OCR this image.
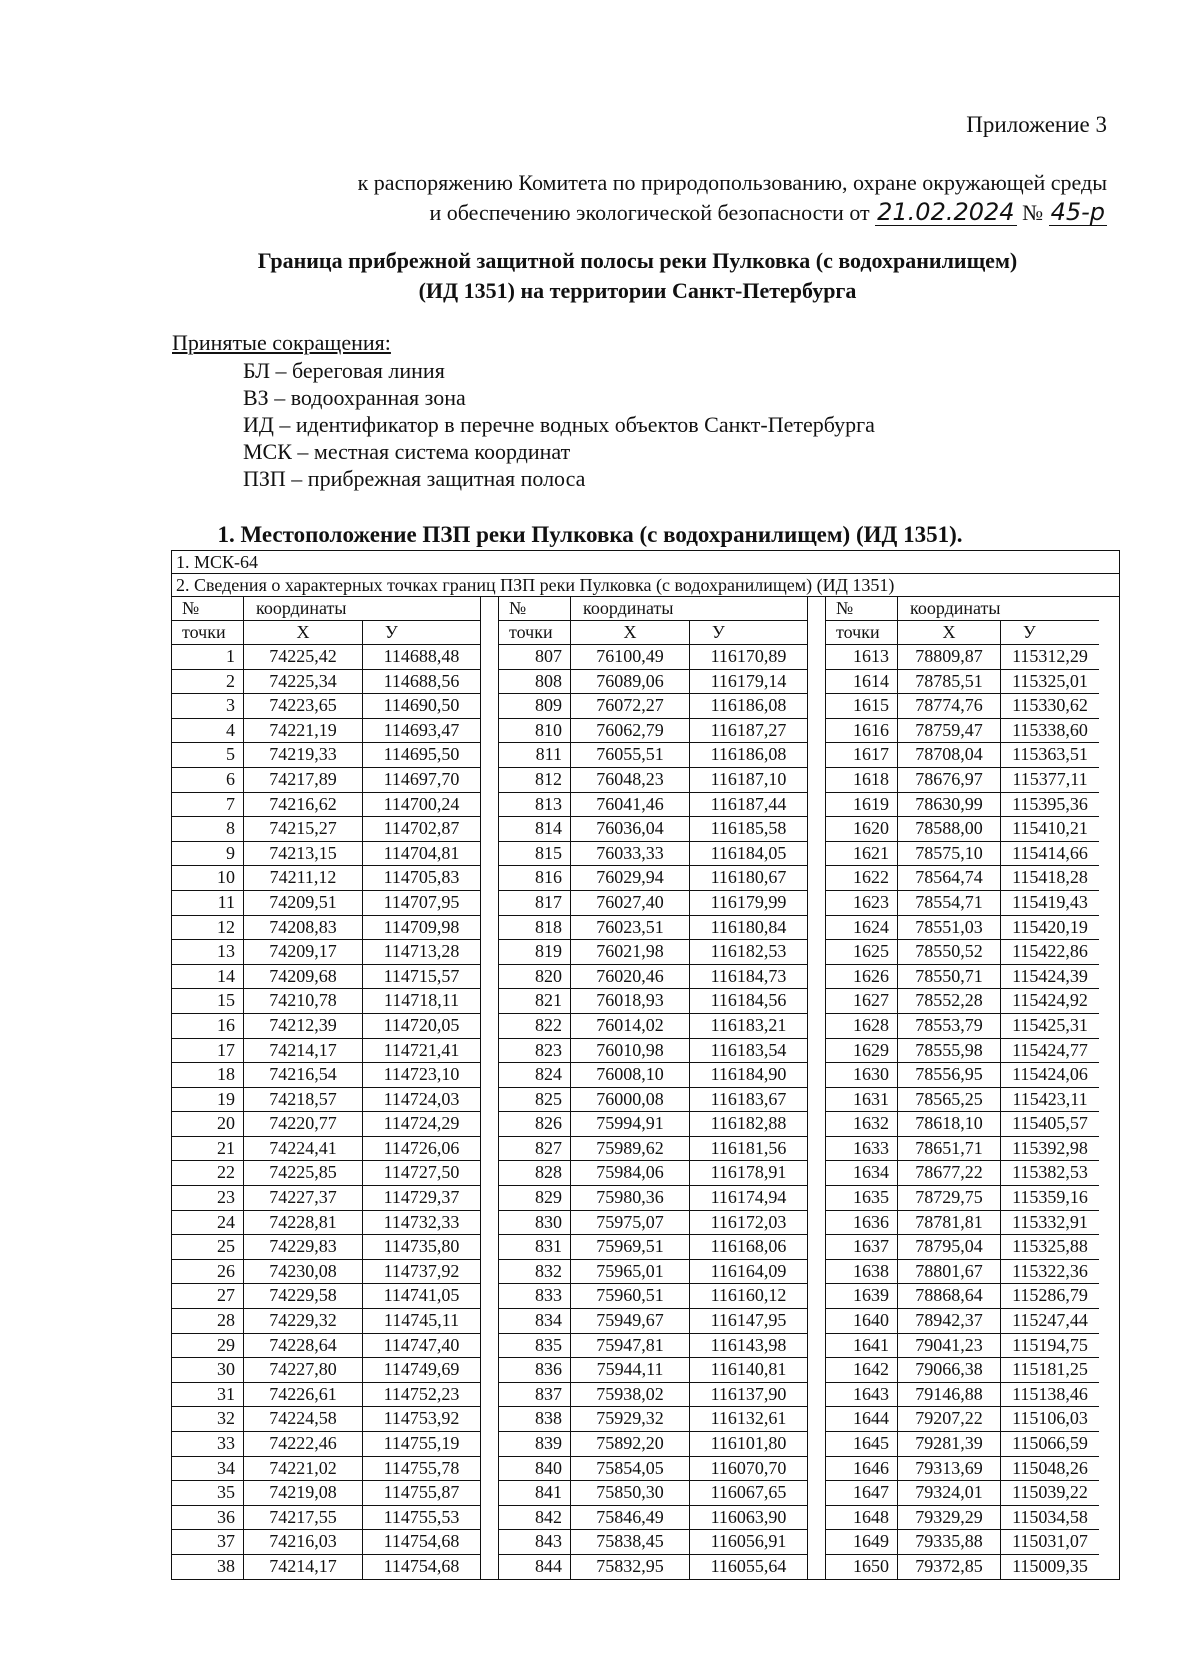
Приложение 3
к распоряжению Комитета по природопользованию, охране окружающей среды
и обеспечению экологической безопасности от 21.02.2024 № 45-р
Граница прибрежной защитной полосы реки Пулковка (с водохранилищем)
(ИД 1351) на территории Санкт-Петербурга
Принятые сокращения:
БЛ – береговая линия
ВЗ – водоохранная зона
ИД – идентификатор в перечне водных объектов Санкт-Петербурга
МСК – местная система координат
ПЗП – прибрежная защитная полоса
1. Местоположение ПЗП реки Пулковка (с водохранилищем) (ИД 1351).
1. МСК-64
2. Сведения о характерных точках границ ПЗП реки Пулковка (с водохранилищем) (ИД 1351)
№	координаты
точки	X	У
1	74225,42	114688,48
2	74225,34	114688,56
3	74223,65	114690,50
4	74221,19	114693,47
5	74219,33	114695,50
6	74217,89	114697,70
7	74216,62	114700,24
8	74215,27	114702,87
9	74213,15	114704,81
10	74211,12	114705,83
11	74209,51	114707,95
12	74208,83	114709,98
13	74209,17	114713,28
14	74209,68	114715,57
15	74210,78	114718,11
16	74212,39	114720,05
17	74214,17	114721,41
18	74216,54	114723,10
19	74218,57	114724,03
20	74220,77	114724,29
21	74224,41	114726,06
22	74225,85	114727,50
23	74227,37	114729,37
24	74228,81	114732,33
25	74229,83	114735,80
26	74230,08	114737,92
27	74229,58	114741,05
28	74229,32	114745,11
29	74228,64	114747,40
30	74227,80	114749,69
31	74226,61	114752,23
32	74224,58	114753,92
33	74222,46	114755,19
34	74221,02	114755,78
35	74219,08	114755,87
36	74217,55	114755,53
37	74216,03	114754,68
38	74214,17	114754,68
№	координаты
точки	X	У
807	76100,49	116170,89
808	76089,06	116179,14
809	76072,27	116186,08
810	76062,79	116187,27
811	76055,51	116186,08
812	76048,23	116187,10
813	76041,46	116187,44
814	76036,04	116185,58
815	76033,33	116184,05
816	76029,94	116180,67
817	76027,40	116179,99
818	76023,51	116180,84
819	76021,98	116182,53
820	76020,46	116184,73
821	76018,93	116184,56
822	76014,02	116183,21
823	76010,98	116183,54
824	76008,10	116184,90
825	76000,08	116183,67
826	75994,91	116182,88
827	75989,62	116181,56
828	75984,06	116178,91
829	75980,36	116174,94
830	75975,07	116172,03
831	75969,51	116168,06
832	75965,01	116164,09
833	75960,51	116160,12
834	75949,67	116147,95
835	75947,81	116143,98
836	75944,11	116140,81
837	75938,02	116137,90
838	75929,32	116132,61
839	75892,20	116101,80
840	75854,05	116070,70
841	75850,30	116067,65
842	75846,49	116063,90
843	75838,45	116056,91
844	75832,95	116055,64
№	координаты
точки	X	У
1613	78809,87	115312,29
1614	78785,51	115325,01
1615	78774,76	115330,62
1616	78759,47	115338,60
1617	78708,04	115363,51
1618	78676,97	115377,11
1619	78630,99	115395,36
1620	78588,00	115410,21
1621	78575,10	115414,66
1622	78564,74	115418,28
1623	78554,71	115419,43
1624	78551,03	115420,19
1625	78550,52	115422,86
1626	78550,71	115424,39
1627	78552,28	115424,92
1628	78553,79	115425,31
1629	78555,98	115424,77
1630	78556,95	115424,06
1631	78565,25	115423,11
1632	78618,10	115405,57
1633	78651,71	115392,98
1634	78677,22	115382,53
1635	78729,75	115359,16
1636	78781,81	115332,91
1637	78795,04	115325,88
1638	78801,67	115322,36
1639	78868,64	115286,79
1640	78942,37	115247,44
1641	79041,23	115194,75
1642	79066,38	115181,25
1643	79146,88	115138,46
1644	79207,22	115106,03
1645	79281,39	115066,59
1646	79313,69	115048,26
1647	79324,01	115039,22
1648	79329,29	115034,58
1649	79335,88	115031,07
1650	79372,85	115009,35
